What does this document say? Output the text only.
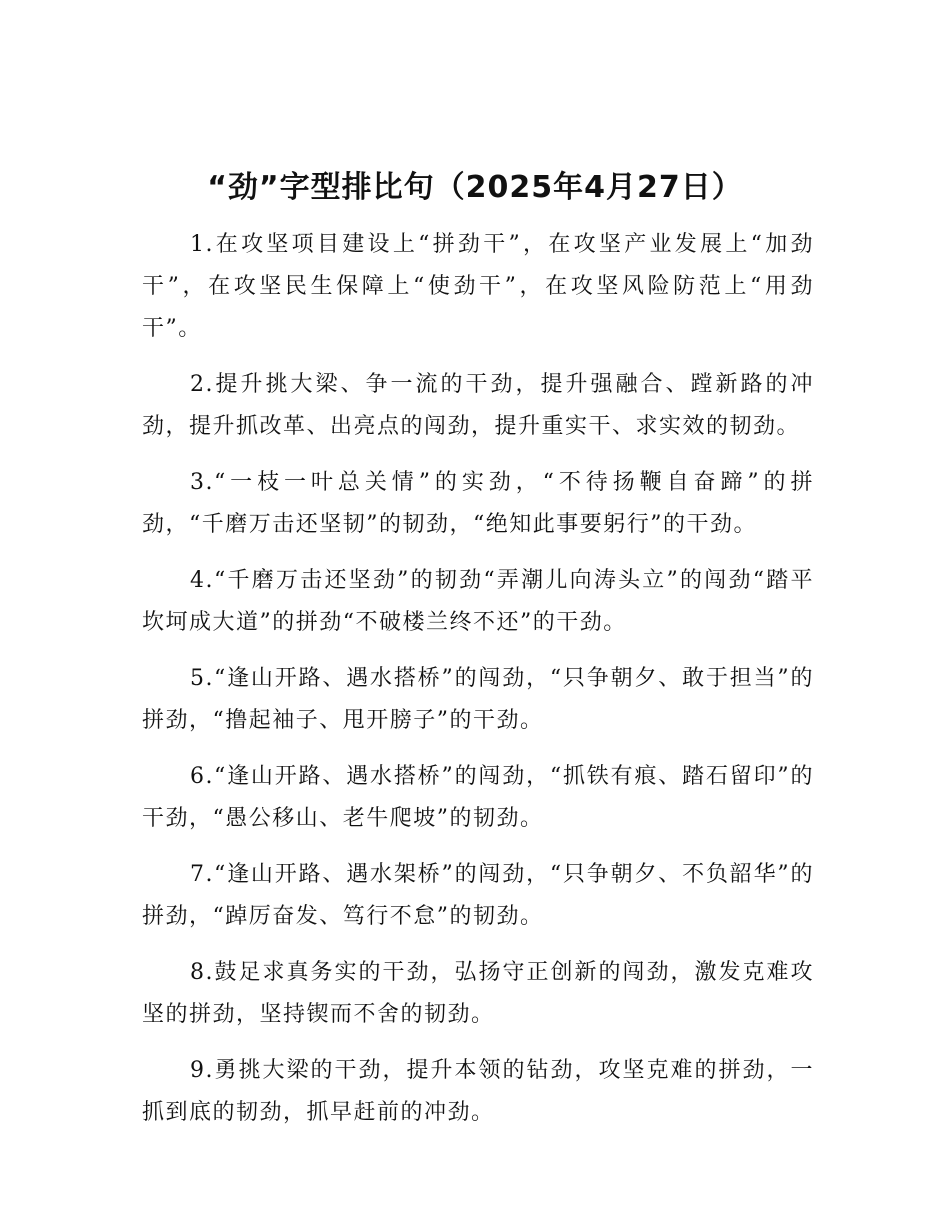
“劲”字型排比句（2025年4月27日）

1.在攻坚项目建设上“拼劲干”，在攻坚产业发展上“加劲干”，在攻坚民生保障上“使劲干”，在攻坚风险防范上“用劲干”。

2.提升挑大梁、争一流的干劲，提升强融合、蹚新路的冲劲，提升抓改革、出亮点的闯劲，提升重实干、求实效的韧劲。

3.“一枝一叶总关情”的实劲，“不待扬鞭自奋蹄”的拼劲，“千磨万击还坚韧”的韧劲，“绝知此事要躬行”的干劲。

4.“千磨万击还坚劲”的韧劲“弄潮儿向涛头立”的闯劲“踏平坎坷成大道”的拼劲“不破楼兰终不还”的干劲。

5.“逢山开路、遇水搭桥”的闯劲，“只争朝夕、敢于担当”的拼劲，“撸起袖子、甩开膀子”的干劲。

6.“逢山开路、遇水搭桥”的闯劲，“抓铁有痕、踏石留印”的干劲，“愚公移山、老牛爬坡”的韧劲。

7.“逢山开路、遇水架桥”的闯劲，“只争朝夕、不负韶华”的拼劲，“踔厉奋发、笃行不怠”的韧劲。

8.鼓足求真务实的干劲，弘扬守正创新的闯劲，激发克难攻坚的拼劲，坚持锲而不舍的韧劲。

9.勇挑大梁的干劲，提升本领的钻劲，攻坚克难的拼劲，一抓到底的韧劲，抓早赶前的冲劲。
